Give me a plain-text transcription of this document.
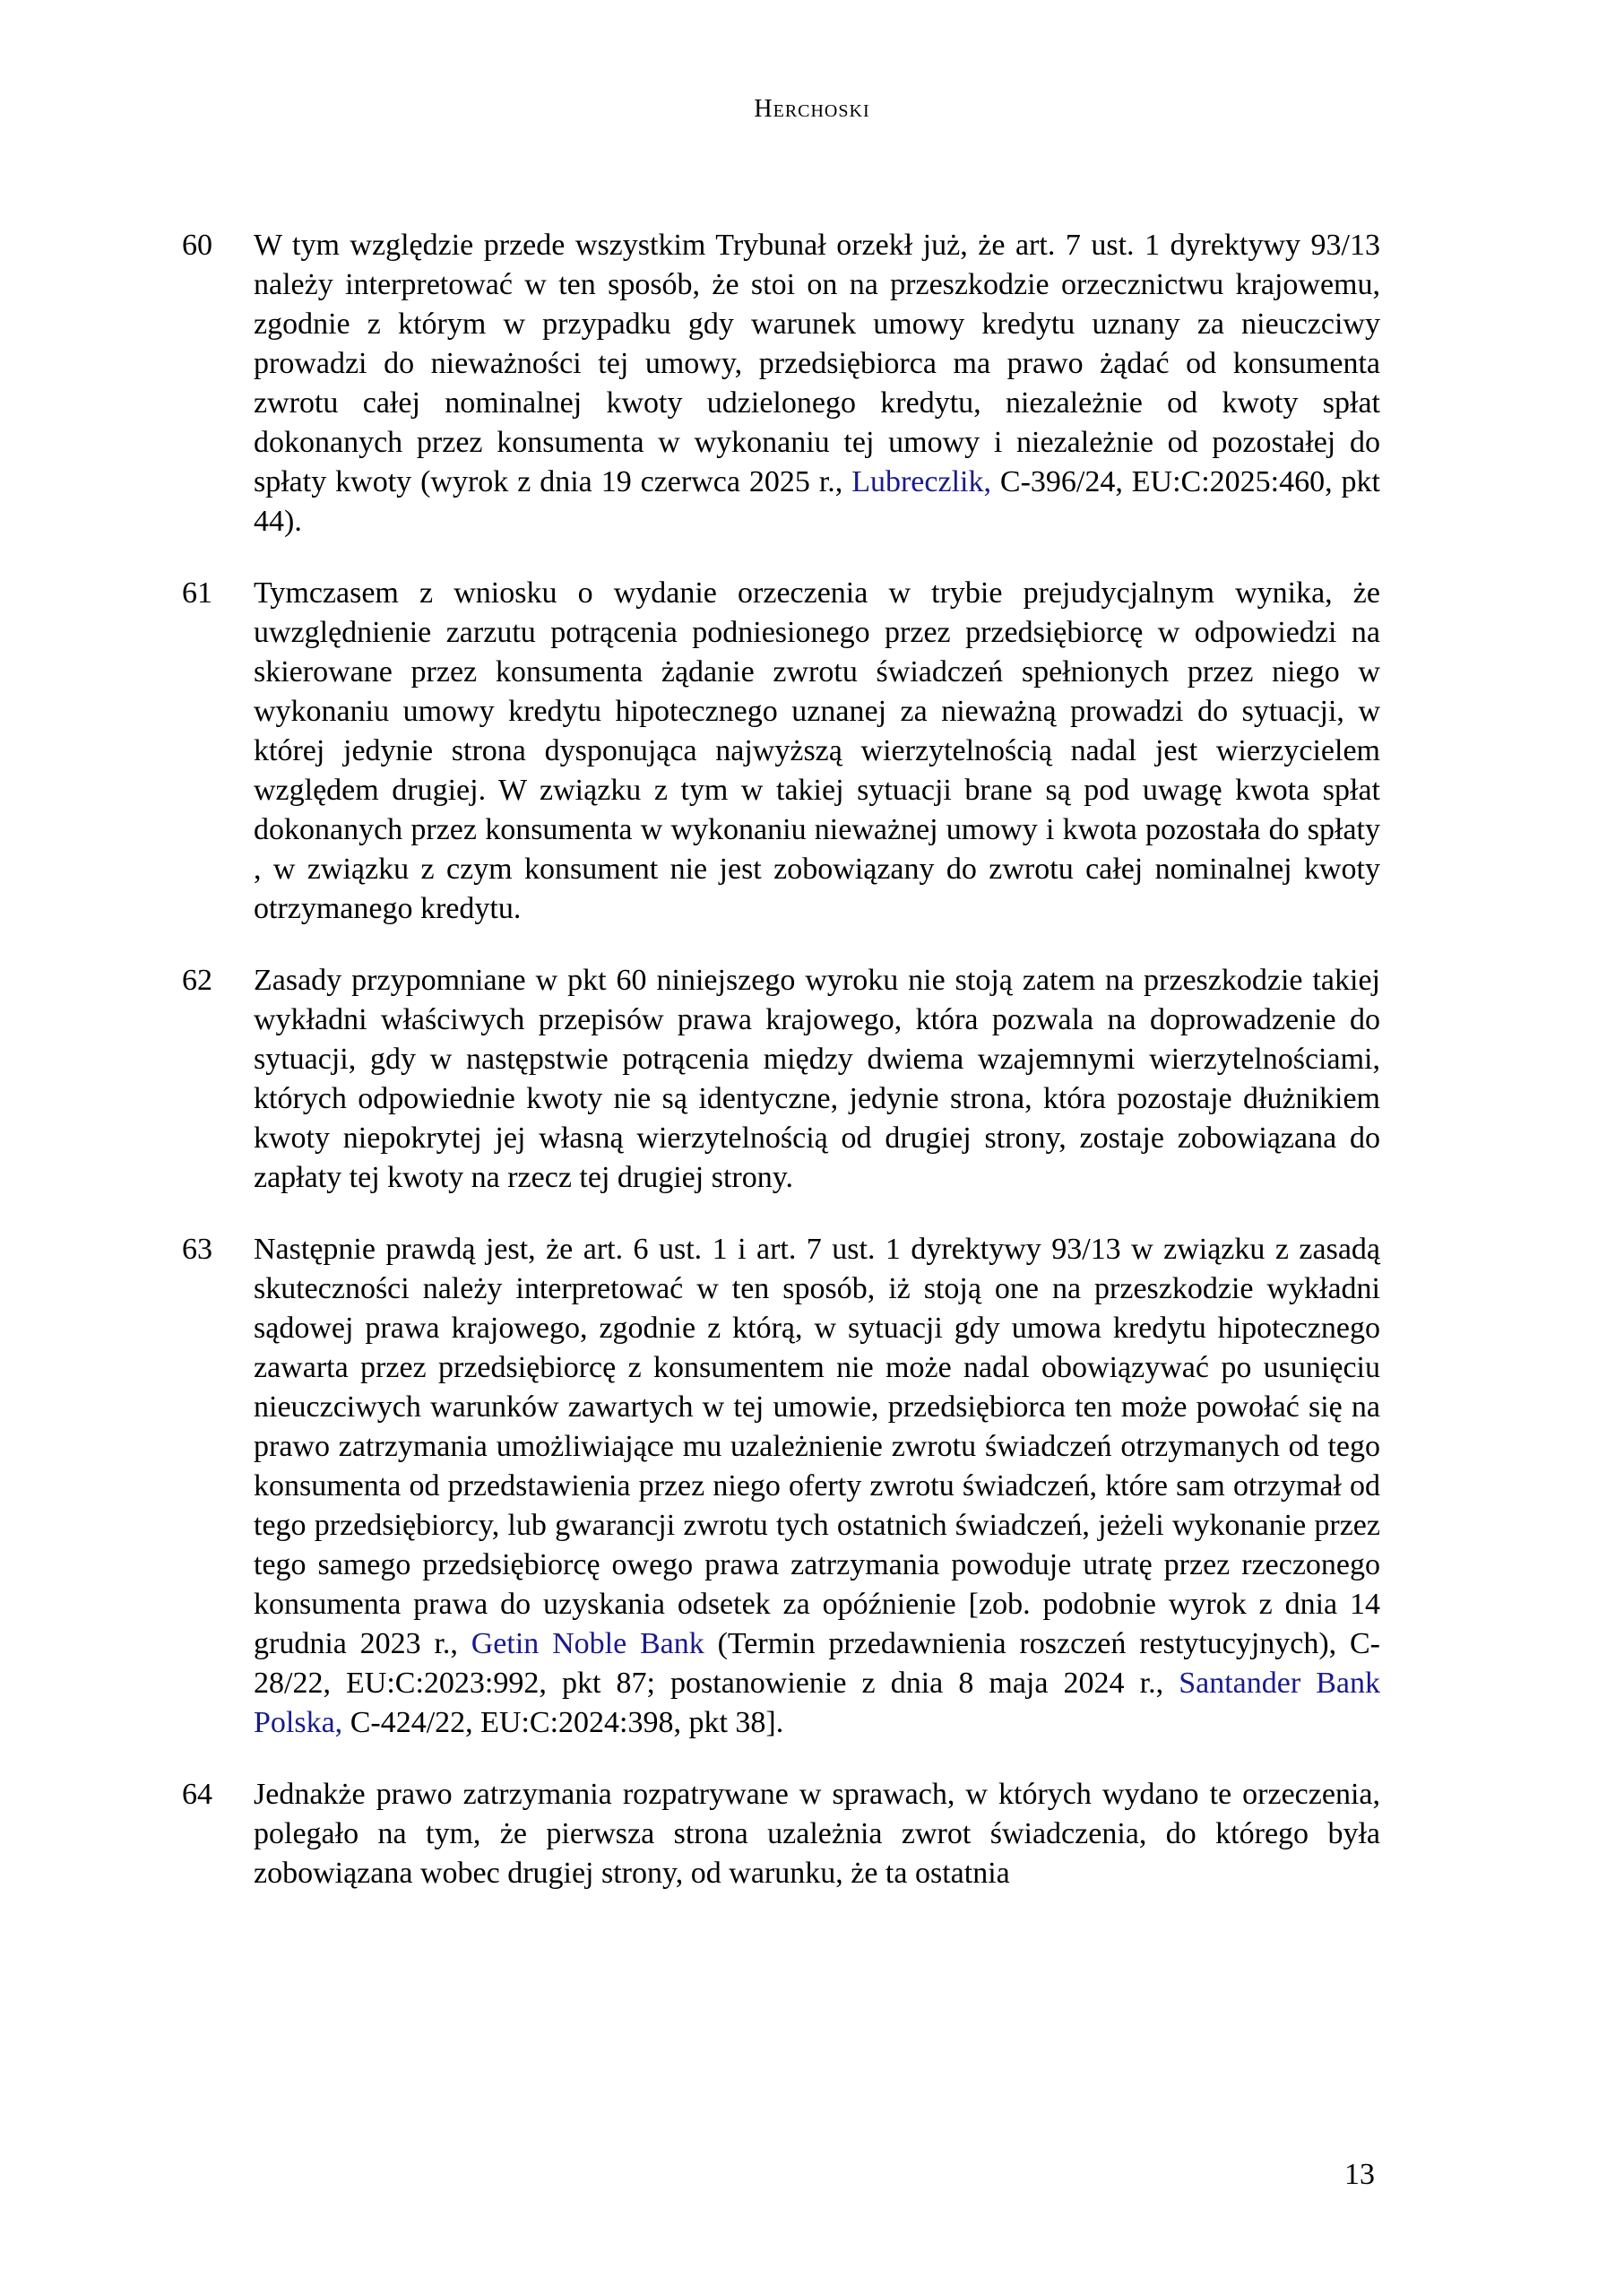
Herchoski
60 W tym względzie przede wszystkim Trybunał orzekł już, że art. 7 ust. 1 dyrektywy 93/13 należy interpretować w ten sposób, że stoi on na przeszkodzie orzecznictwu krajowemu, zgodnie z którym w przypadku gdy warunek umowy kredytu uznany za nieuczciwy prowadzi do nieważności tej umowy, przedsiębiorca ma prawo żądać od konsumenta zwrotu całej nominalnej kwoty udzielonego kredytu, niezależnie od kwoty spłat dokonanych przez konsumenta w wykonaniu tej umowy i niezależnie od pozostałej do spłaty kwoty (wyrok z dnia 19 czerwca 2025 r., Lubreczlik, C-396/24, EU:C:2025:460, pkt 44).
61 Tymczasem z wniosku o wydanie orzeczenia w trybie prejudycjalnym wynika, że uwzględnienie zarzutu potrącenia podniesionego przez przedsiębiorcę w odpowiedzi na skierowane przez konsumenta żądanie zwrotu świadczeń spełnionych przez niego w wykonaniu umowy kredytu hipotecznego uznanej za nieważną prowadzi do sytuacji, w której jedynie strona dysponująca najwyższą wierzytelnością nadal jest wierzycielem względem drugiej. W związku z tym w takiej sytuacji brane są pod uwagę kwota spłat dokonanych przez konsumenta w wykonaniu nieważnej umowy i kwota pozostała do spłaty , w związku z czym konsument nie jest zobowiązany do zwrotu całej nominalnej kwoty otrzymanego kredytu.
62 Zasady przypomniane w pkt 60 niniejszego wyroku nie stoją zatem na przeszkodzie takiej wykładni właściwych przepisów prawa krajowego, która pozwala na doprowadzenie do sytuacji, gdy w następstwie potrącenia między dwiema wzajemnymi wierzytelnościami, których odpowiednie kwoty nie są identyczne, jedynie strona, która pozostaje dłużnikiem kwoty niepokrytej jej własną wierzytelnością od drugiej strony, zostaje zobowiązana do zapłaty tej kwoty na rzecz tej drugiej strony.
63 Następnie prawdą jest, że art. 6 ust. 1 i art. 7 ust. 1 dyrektywy 93/13 w związku z zasadą skuteczności należy interpretować w ten sposób, iż stoją one na przeszkodzie wykładni sądowej prawa krajowego, zgodnie z którą, w sytuacji gdy umowa kredytu hipotecznego zawarta przez przedsiębiorcę z konsumentem nie może nadal obowiązywać po usunięciu nieuczciwych warunków zawartych w tej umowie, przedsiębiorca ten może powołać się na prawo zatrzymania umożliwiające mu uzależnienie zwrotu świadczeń otrzymanych od tego konsumenta od przedstawienia przez niego oferty zwrotu świadczeń, które sam otrzymał od tego przedsiębiorcy, lub gwarancji zwrotu tych ostatnich świadczeń, jeżeli wykonanie przez tego samego przedsiębiorcę owego prawa zatrzymania powoduje utratę przez rzeczonego konsumenta prawa do uzyskania odsetek za opóźnienie [zob. podobnie wyrok z dnia 14 grudnia 2023 r., Getin Noble Bank (Termin przedawnienia roszczeń restytucyjnych), C-28/22, EU:C:2023:992, pkt 87; postanowienie z dnia 8 maja 2024 r., Santander Bank Polska, C-424/22, EU:C:2024:398, pkt 38].
64 Jednakże prawo zatrzymania rozpatrywane w sprawach, w których wydano te orzeczenia, polegało na tym, że pierwsza strona uzależnia zwrot świadczenia, do którego była zobowiązana wobec drugiej strony, od warunku, że ta ostatnia
13
